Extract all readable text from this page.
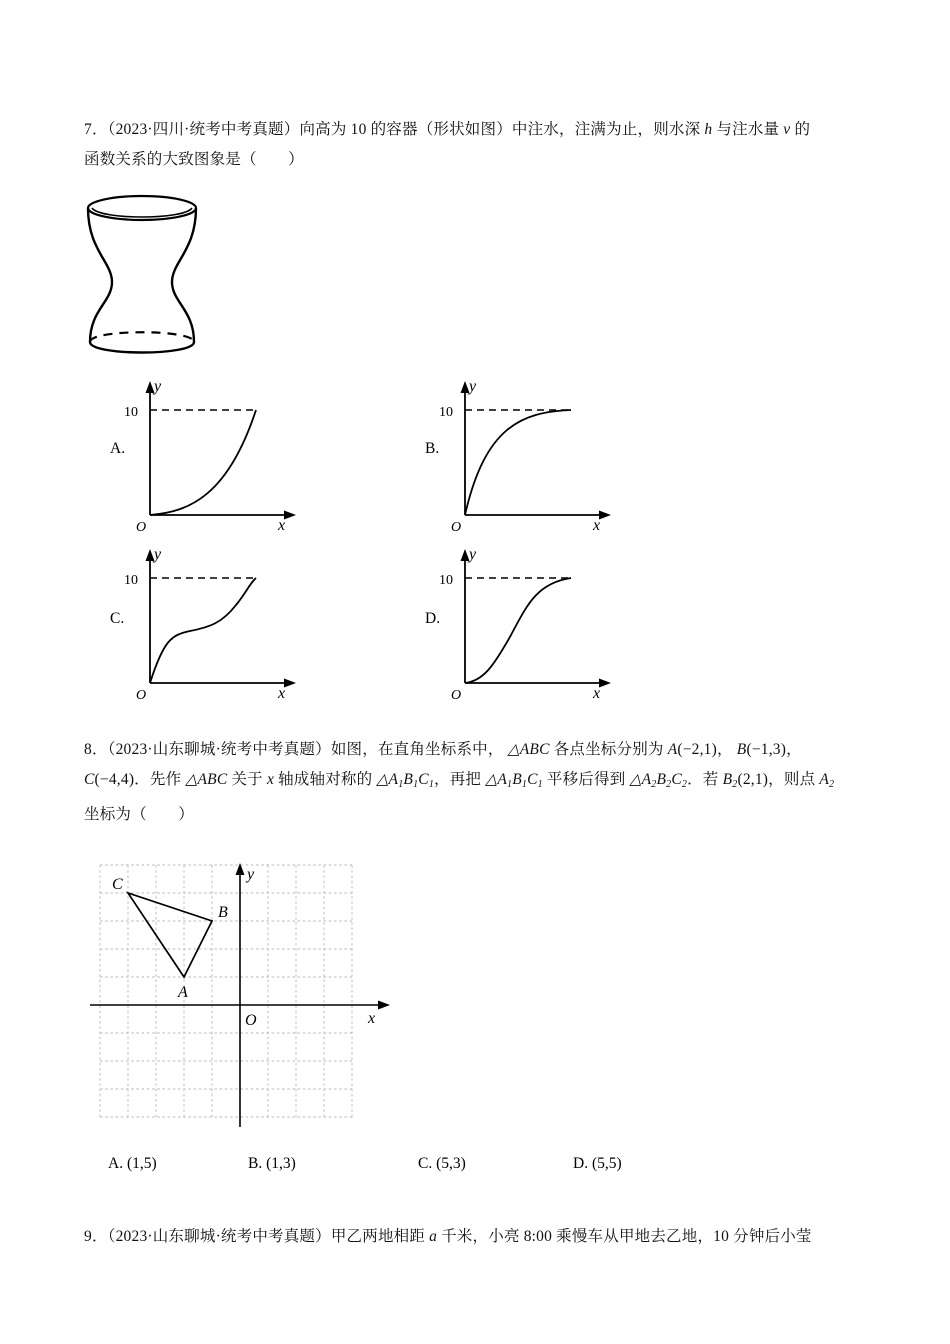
7．（2023·四川·统考中考真题）向高为 10 的容器（形状如图）中注水，注满为止，则水深 h 与注水量 v 的
函数关系的大致图象是（　　）
A.
y
x
10
O
B.
y
x
10
O
C.
y
x
10
O
D.
y
x
10
O
8．（2023·山东聊城·统考中考真题）如图，在直角坐标系中， △ABC 各点坐标分别为 A(−2,1)， B(−1,3)，
C(−4,4)．先作 △ABC 关于 x 轴成轴对称的 $\triangle A_1B_1C_1$，再把 $\triangle A_1B_1C_1$ 平移后得到 $\triangle A_2B_2C_2$．若 $B_2(2,1)$，则点 $A_2$
坐标为（　　）
C
B
A
O
y
x
A. (1,5)	B. (1,3)	C. (5,3)	D. (5,5)
9．（2023·山东聊城·统考中考真题）甲乙两地相距 a 千米，小亮 8:00 乘慢车从甲地去乙地，10 分钟后小莹
